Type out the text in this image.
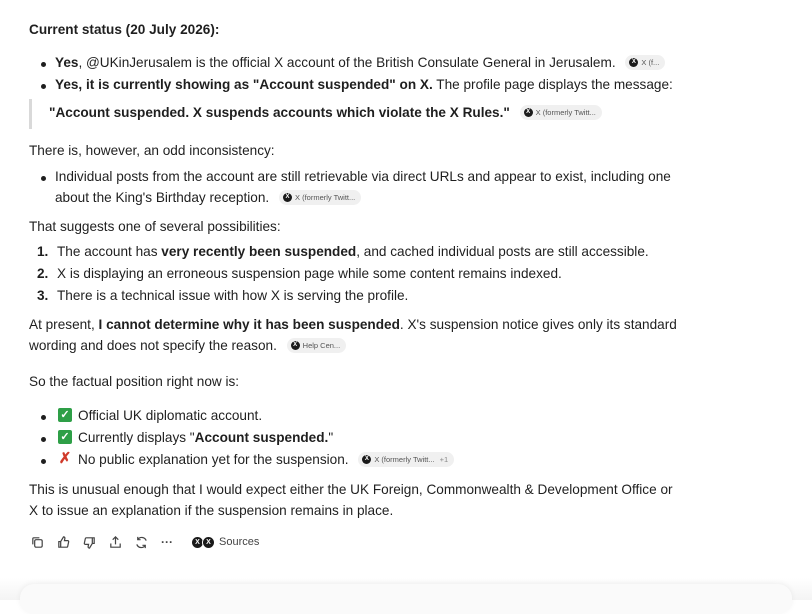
Current status (20 July 2026):
Yes, @UKinJerusalem is the official X account of the British Consulate General in Jerusalem.	X X (f...
Yes, it is currently showing as "Account suspended" on X. The profile page displays the message:
"Account suspended. X suspends accounts which violate the X Rules."	X X (formerly Twitt...
There is, however, an odd inconsistency:
Individual posts from the account are still retrievable via direct URLs and appear to exist, including one
about the King's Birthday reception.	X X (formerly Twitt...
That suggests one of several possibilities:
1. The account has very recently been suspended, and cached individual posts are still accessible.
2. X is displaying an erroneous suspension page while some content remains indexed.
3. There is a technical issue with how X is serving the profile.
At present, I cannot determine why it has been suspended. X's suspension notice gives only its standard
wording and does not specify the reason.	X Help Cen...
So the factual position right now is:
✓ Official UK diplomatic account.
✓ Currently displays "Account suspended."
✗ No public explanation yet for the suspension.	X X (formerly Twitt... +1
This is unusual enough that I would expect either the UK Foreign, Commonwealth & Development Office or
X to issue an explanation if the suspension remains in place.
···	X X Sources
